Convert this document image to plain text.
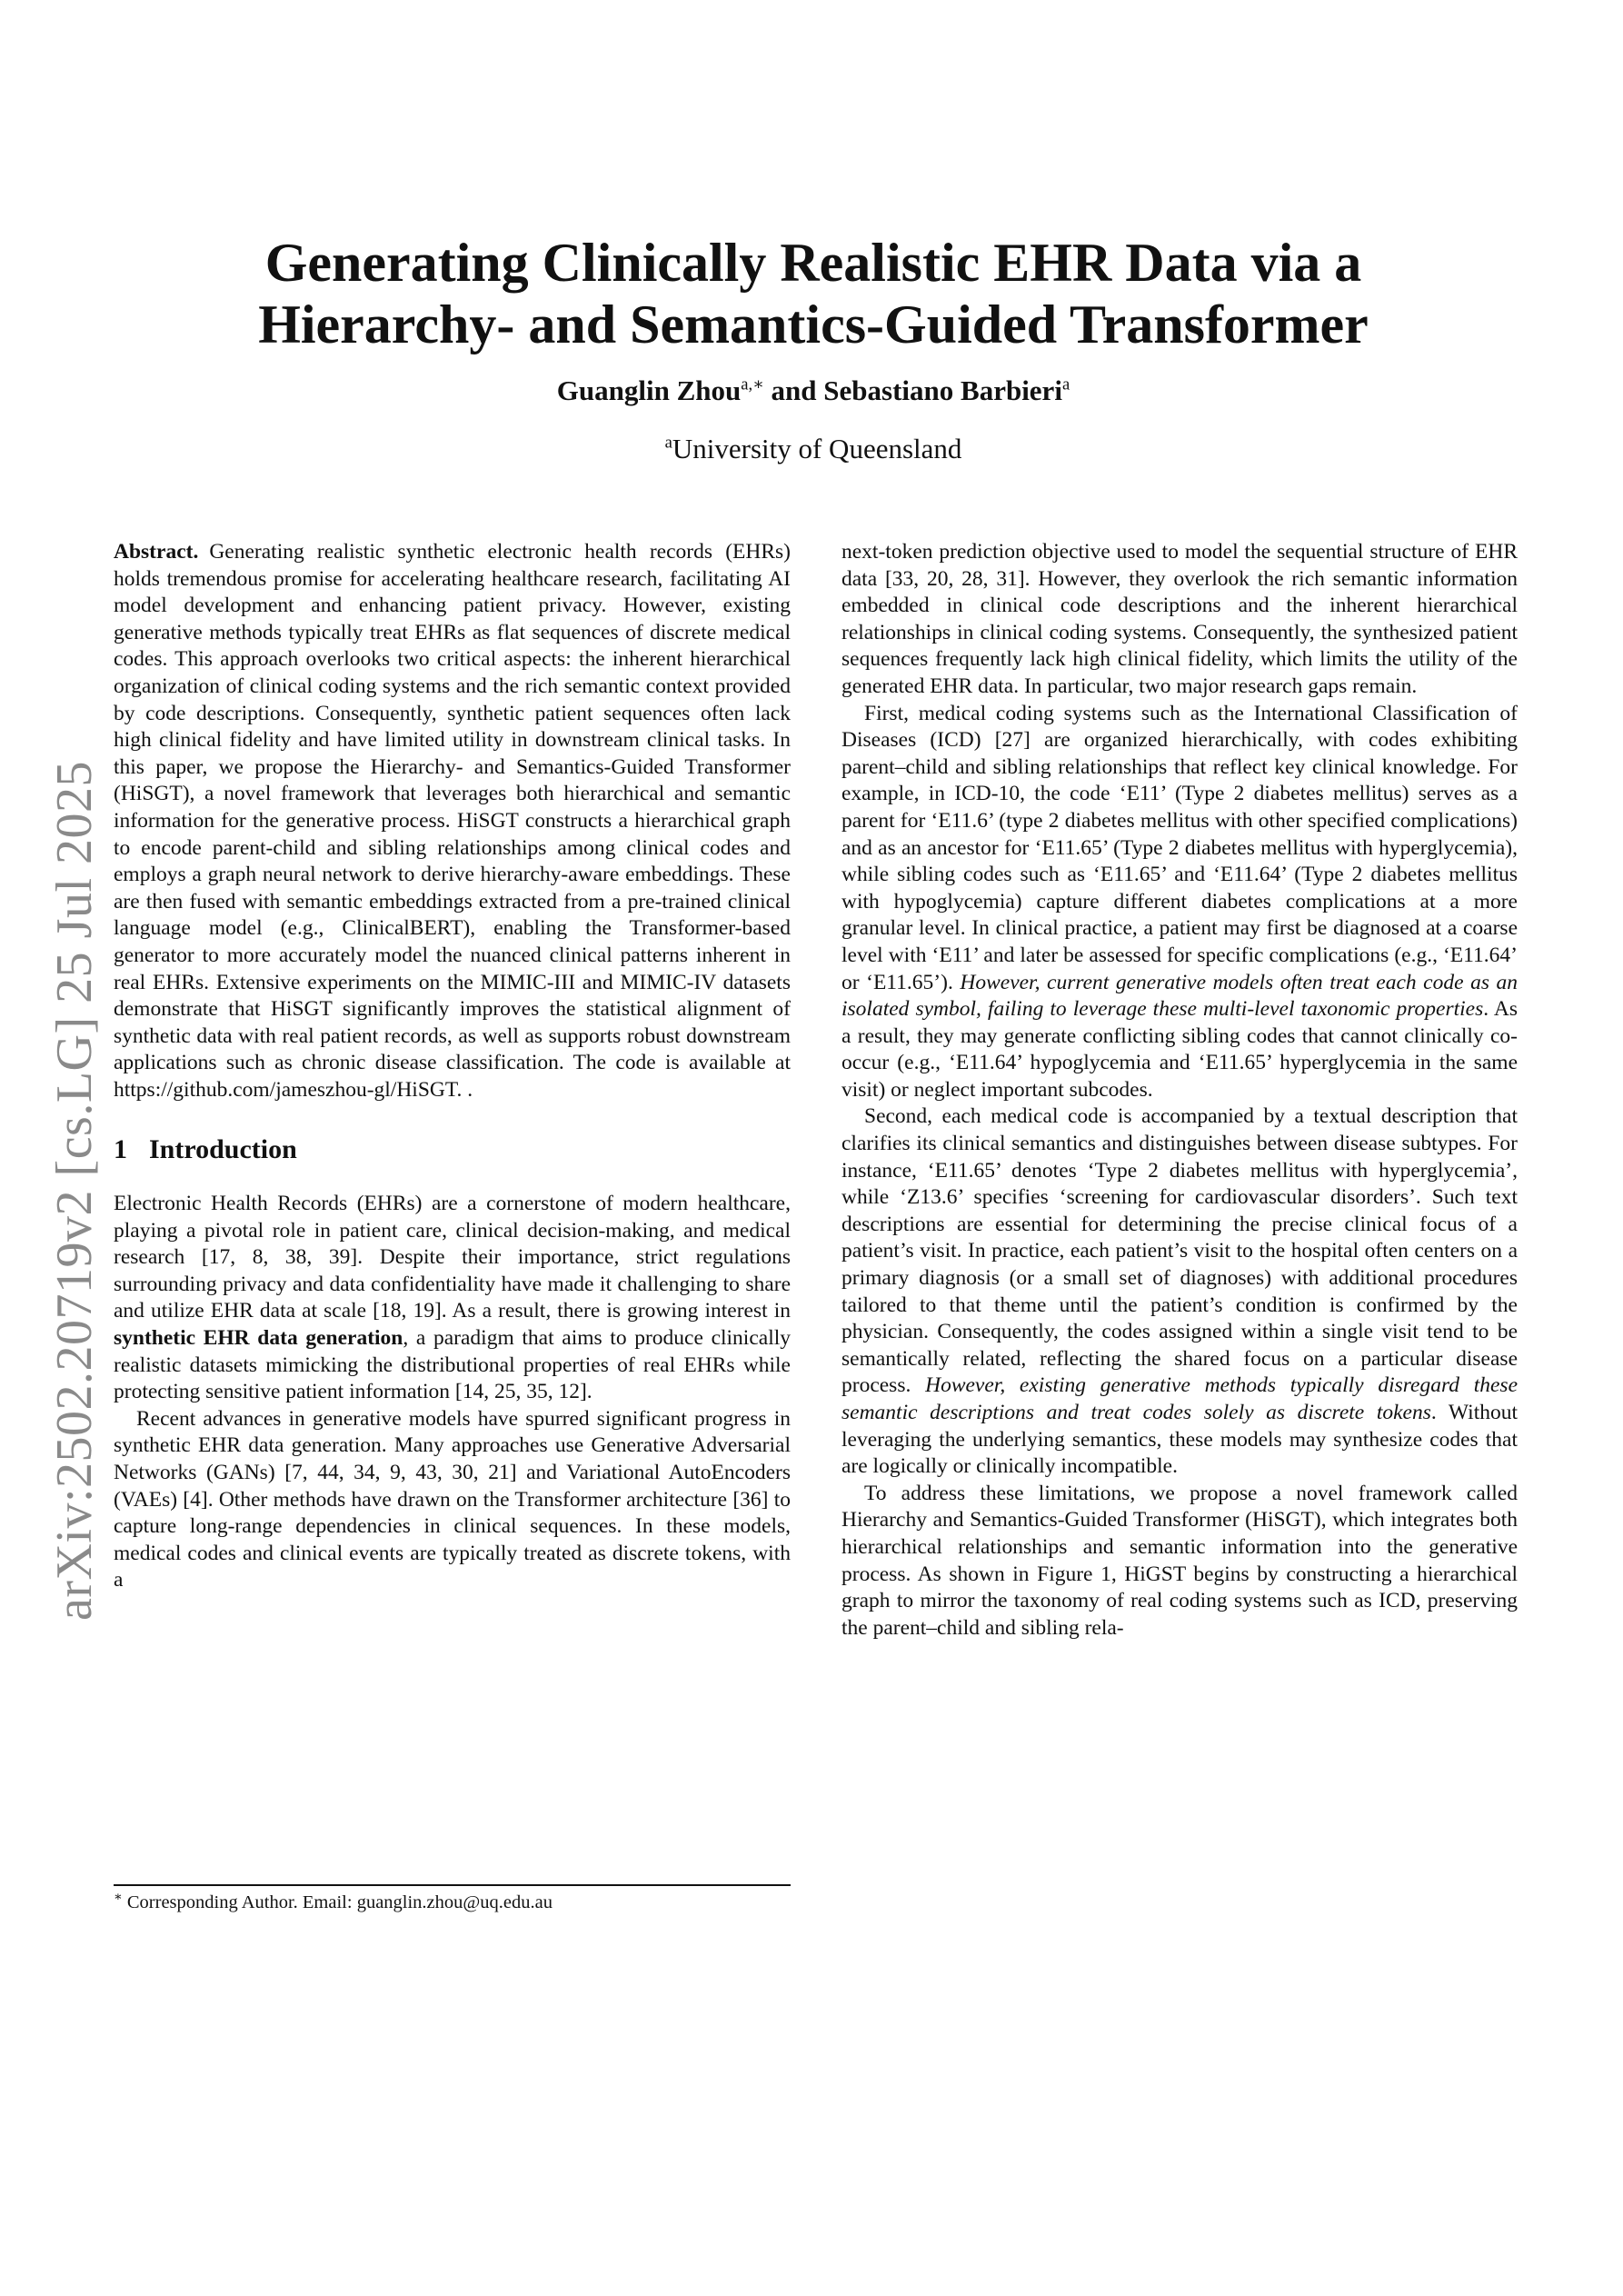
arXiv:2502.20719v2 [cs.LG] 25 Jul 2025
Generating Clinically Realistic EHR Data via a
Hierarchy- and Semantics-Guided Transformer
Guanglin Zhou$^{a,∗}$ and Sebastiano Barbieri$^a$
$^a$University of Queensland

Abstract. Generating realistic synthetic electronic health records (EHRs) holds tremendous promise for accelerating healthcare research, facilitating AI model development and enhancing patient privacy. However, existing generative methods typically treat EHRs as flat sequences of discrete medical codes. This approach overlooks two critical aspects: the inherent hierarchical organization of clinical coding systems and the rich semantic context provided by code descriptions. Consequently, synthetic patient sequences often lack high clinical fidelity and have limited utility in downstream clinical tasks. In this paper, we propose the Hierarchy- and Semantics-Guided Transformer (HiSGT), a novel framework that leverages both hierarchical and semantic information for the generative process. HiSGT constructs a hierarchical graph to encode parent-child and sibling relationships among clinical codes and employs a graph neural network to derive hierarchy-aware embeddings. These are then fused with semantic embeddings extracted from a pre-trained clinical language model (e.g., ClinicalBERT), enabling the Transformer-based generator to more accurately model the nuanced clinical patterns inherent in real EHRs. Extensive experiments on the MIMIC-III and MIMIC-IV datasets demonstrate that HiSGT significantly improves the statistical alignment of synthetic data with real patient records, as well as supports robust downstream applications such as chronic disease classification. The code is available at https://github.com/jameszhou-gl/HiSGT. .

1 Introduction

Electronic Health Records (EHRs) are a cornerstone of modern healthcare, playing a pivotal role in patient care, clinical decision-making, and medical research [17, 8, 38, 39]. Despite their importance, strict regulations surrounding privacy and data confidentiality have made it challenging to share and utilize EHR data at scale [18, 19]. As a result, there is growing interest in synthetic EHR data generation, a paradigm that aims to produce clinically realistic datasets mimicking the distributional properties of real EHRs while protecting sensitive patient information [14, 25, 35, 12].

Recent advances in generative models have spurred significant progress in synthetic EHR data generation. Many approaches use Generative Adversarial Networks (GANs) [7, 44, 34, 9, 43, 30, 21] and Variational AutoEncoders (VAEs) [4]. Other methods have drawn on the Transformer architecture [36] to capture long-range dependencies in clinical sequences. In these models, medical codes and clinical events are typically treated as discrete tokens, with a

∗ Corresponding Author. Email: guanglin.zhou@uq.edu.au

next-token prediction objective used to model the sequential structure of EHR data [33, 20, 28, 31]. However, they overlook the rich semantic information embedded in clinical code descriptions and the inherent hierarchical relationships in clinical coding systems. Consequently, the synthesized patient sequences frequently lack high clinical fidelity, which limits the utility of the generated EHR data. In particular, two major research gaps remain.

First, medical coding systems such as the International Classification of Diseases (ICD) [27] are organized hierarchically, with codes exhibiting parent–child and sibling relationships that reflect key clinical knowledge. For example, in ICD-10, the code ‘E11’ (Type 2 diabetes mellitus) serves as a parent for ‘E11.6’ (type 2 diabetes mellitus with other specified complications) and as an ancestor for ‘E11.65’ (Type 2 diabetes mellitus with hyperglycemia), while sibling codes such as ‘E11.65’ and ‘E11.64’ (Type 2 diabetes mellitus with hypoglycemia) capture different diabetes complications at a more granular level. In clinical practice, a patient may first be diagnosed at a coarse level with ‘E11’ and later be assessed for specific complications (e.g., ‘E11.64’ or ‘E11.65’). However, current generative models often treat each code as an isolated symbol, failing to leverage these multi-level taxonomic properties. As a result, they may generate conflicting sibling codes that cannot clinically co-occur (e.g., ‘E11.64’ hypoglycemia and ‘E11.65’ hyperglycemia in the same visit) or neglect important subcodes.

Second, each medical code is accompanied by a textual description that clarifies its clinical semantics and distinguishes between disease subtypes. For instance, ‘E11.65’ denotes ‘Type 2 diabetes mellitus with hyperglycemia’, while ‘Z13.6’ specifies ‘screening for cardiovascular disorders’. Such text descriptions are essential for determining the precise clinical focus of a patient’s visit. In practice, each patient’s visit to the hospital often centers on a primary diagnosis (or a small set of diagnoses) with additional procedures tailored to that theme until the patient’s condition is confirmed by the physician. Consequently, the codes assigned within a single visit tend to be semantically related, reflecting the shared focus on a particular disease process. However, existing generative methods typically disregard these semantic descriptions and treat codes solely as discrete tokens. Without leveraging the underlying semantics, these models may synthesize codes that are logically or clinically incompatible.

To address these limitations, we propose a novel framework called Hierarchy and Semantics-Guided Transformer (HiSGT), which integrates both hierarchical relationships and semantic information into the generative process. As shown in Figure 1, HiGST begins by constructing a hierarchical graph to mirror the taxonomy of real coding systems such as ICD, preserving the parent–child and sibling rela-
